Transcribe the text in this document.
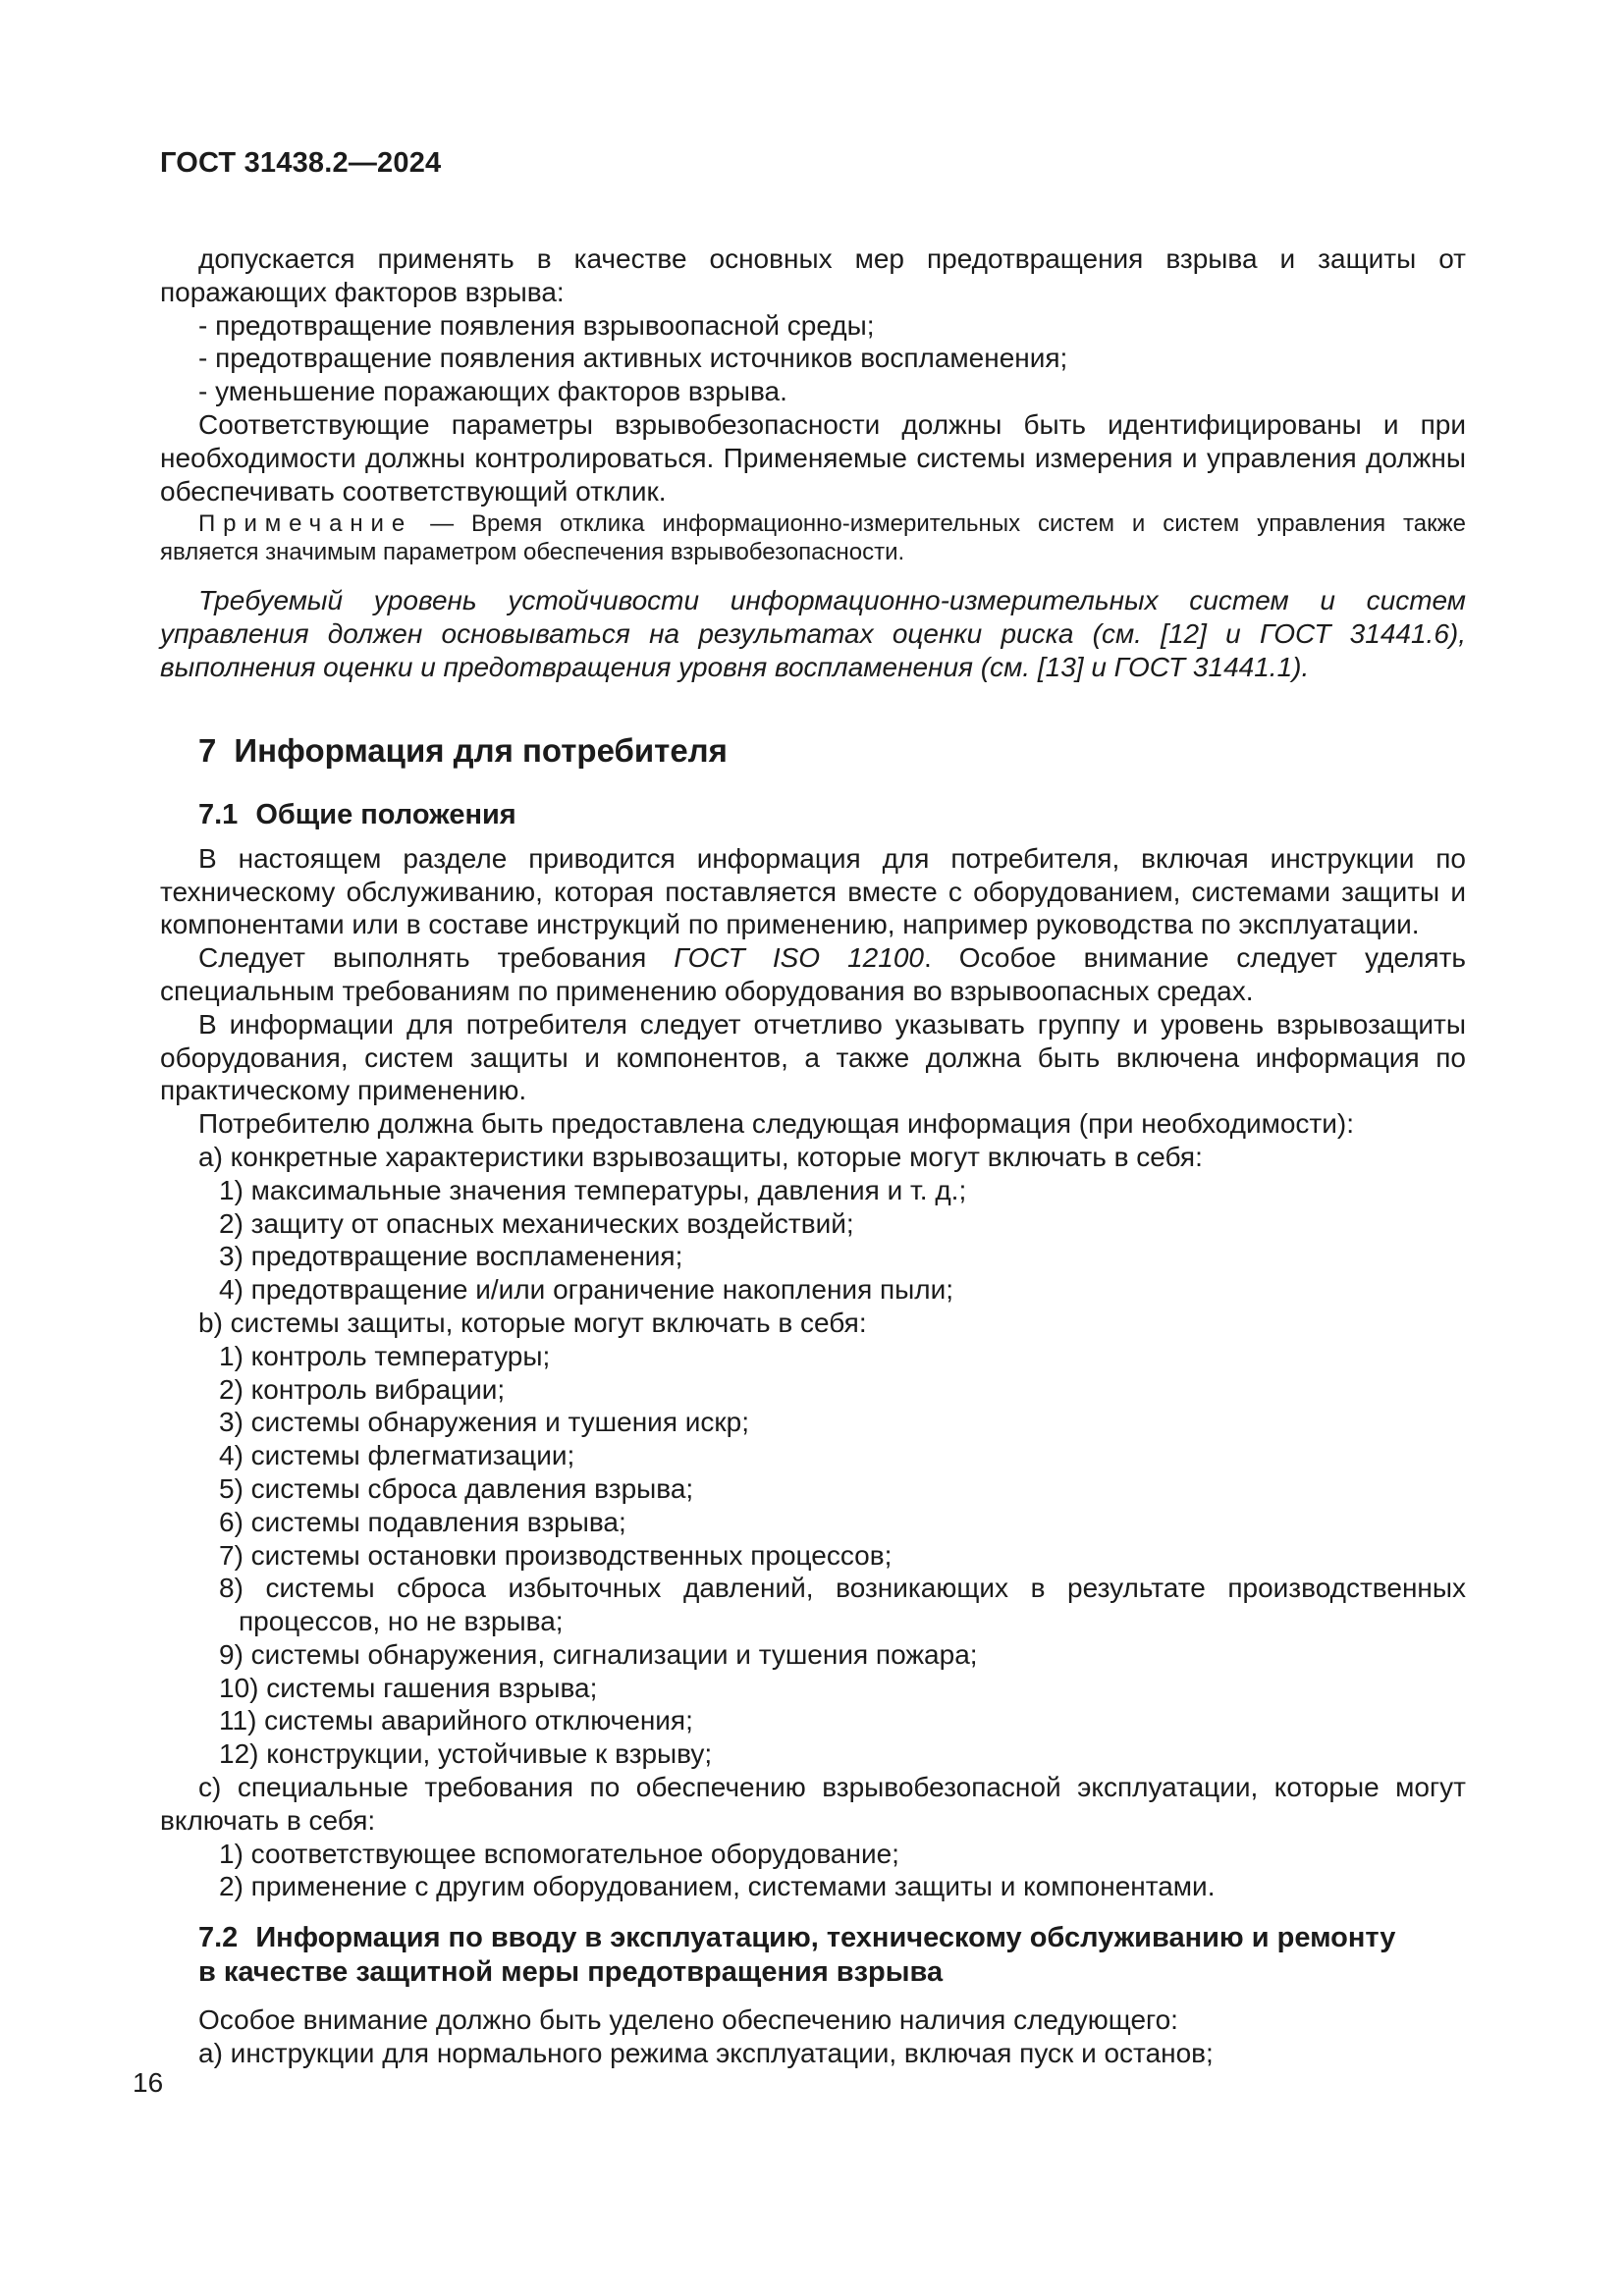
ГОСТ 31438.2—2024

допускается применять в качестве основных мер предотвращения взрыва и защиты от поражающих факторов взрыва:

- предотвращение появления взрывоопасной среды;

- предотвращение появления активных источников воспламенения;

- уменьшение поражающих факторов взрыва.

Соответствующие параметры взрывобезопасности должны быть идентифицированы и при необходимости должны контролироваться. Применяемые системы измерения и управления должны обеспечивать соответствующий отклик.

Примечание — Время отклика информационно-измерительных систем и систем управления также является значимым параметром обеспечения взрывобезопасности.

Требуемый уровень устойчивости информационно-измерительных систем и систем управления должен основываться на результатах оценки риска (см. [12] и ГОСТ 31441.6), выполнения оценки и предотвращения уровня воспламенения (см. [13] и ГОСТ 31441.1).

7 Информация для потребителя
7.1 Общие положения

В настоящем разделе приводится информация для потребителя, включая инструкции по техническому обслуживанию, которая поставляется вместе с оборудованием, системами защиты и компонентами или в составе инструкций по применению, например руководства по эксплуатации.

Следует выполнять требования ГОСТ ISO 12100. Особое внимание следует уделять специальным требованиям по применению оборудования во взрывоопасных средах.

В информации для потребителя следует отчетливо указывать группу и уровень взрывозащиты оборудования, систем защиты и компонентов, а также должна быть включена информация по практическому применению.

Потребителю должна быть предоставлена следующая информация (при необходимости):

а) конкретные характеристики взрывозащиты, которые могут включать в себя:

1) максимальные значения температуры, давления и т. д.;

2) защиту от опасных механических воздействий;

3) предотвращение воспламенения;

4) предотвращение и/или ограничение накопления пыли;

b) системы защиты, которые могут включать в себя:

1) контроль температуры;

2) контроль вибрации;

3) системы обнаружения и тушения искр;

4) системы флегматизации;

5) системы сброса давления взрыва;

6) системы подавления взрыва;

7) системы остановки производственных процессов;

8) системы сброса избыточных давлений, возникающих в результате производственных процессов, но не взрыва;

9) системы обнаружения, сигнализации и тушения пожара;

10) системы гашения взрыва;

11) системы аварийного отключения;

12) конструкции, устойчивые к взрыву;

c) специальные требования по обеспечению взрывобезопасной эксплуатации, которые могут включать в себя:

1) соответствующее вспомогательное оборудование;

2) применение с другим оборудованием, системами защиты и компонентами.

7.2 Информация по вводу в эксплуатацию, техническому обслуживанию и ремонту
в качестве защитной меры предотвращения взрыва

Особое внимание должно быть уделено обеспечению наличия следующего:

а) инструкции для нормального режима эксплуатации, включая пуск и останов;

16
